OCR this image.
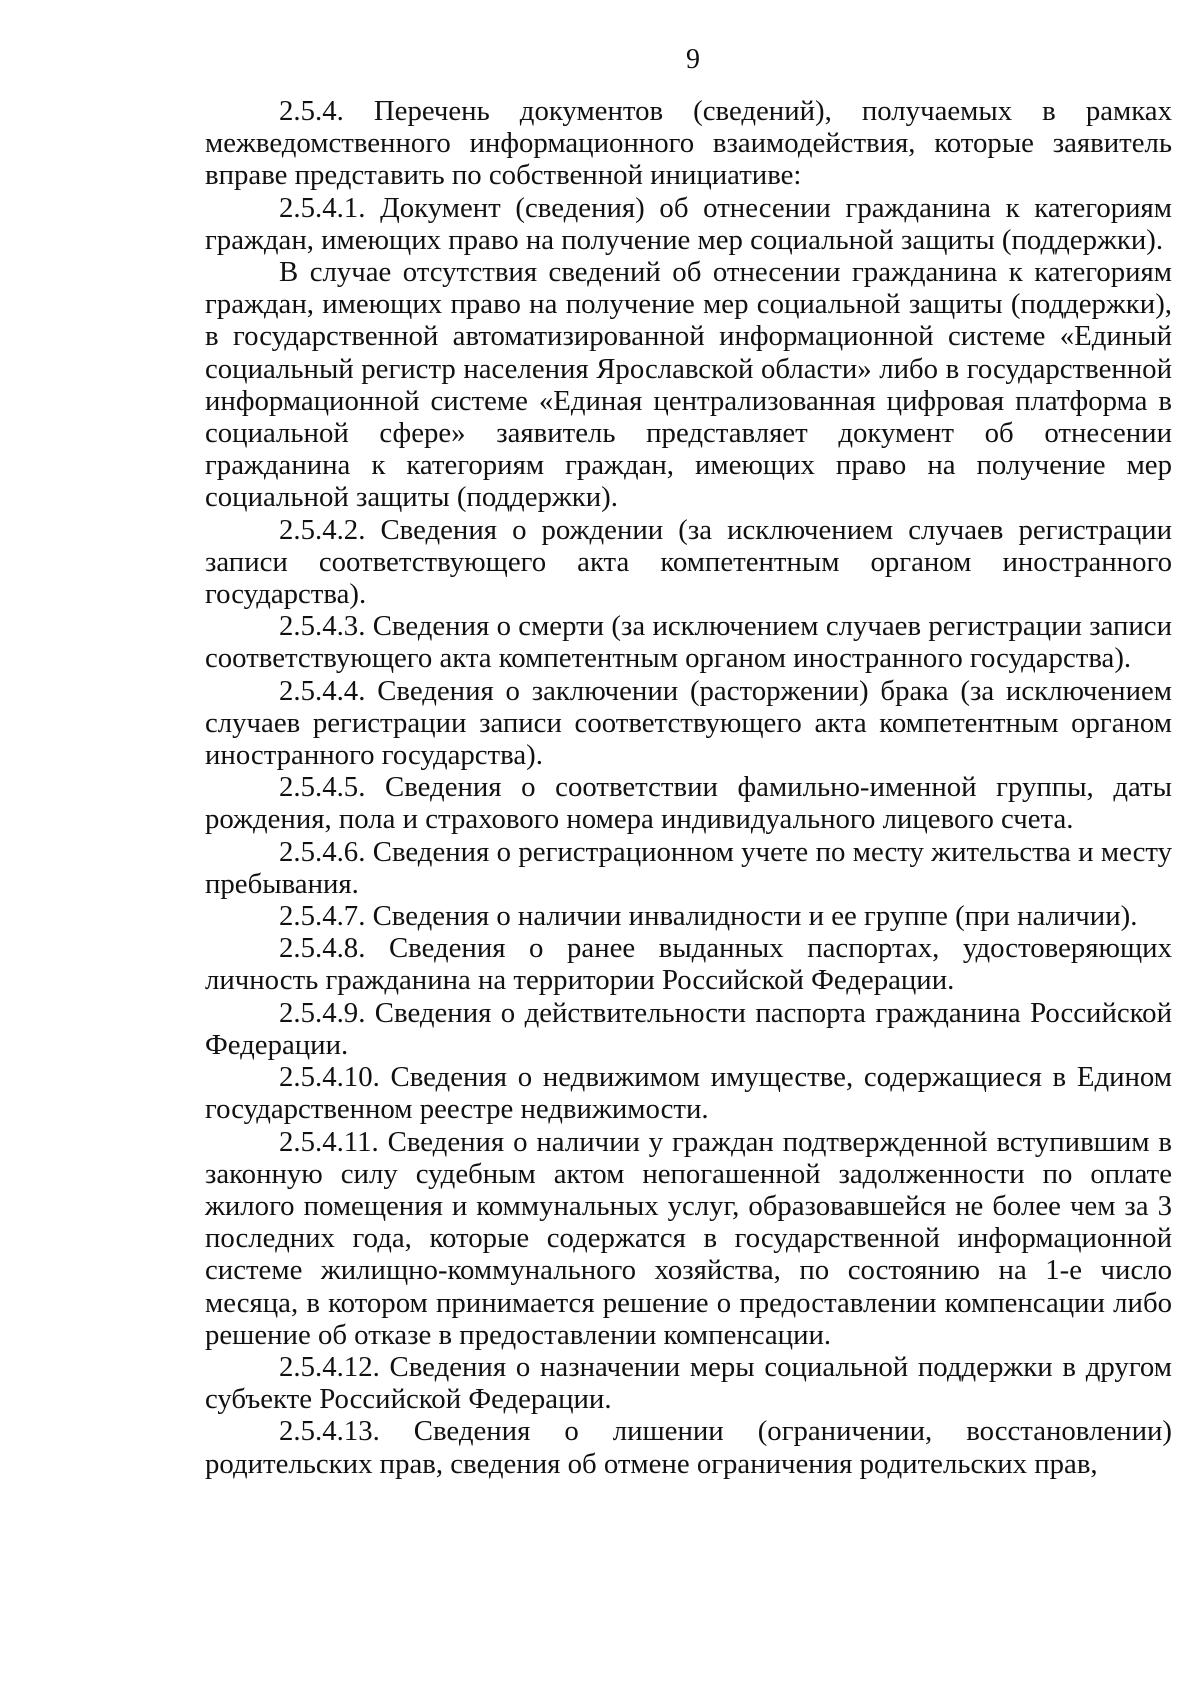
9

2.5.4. Перечень документов (сведений), получаемых в рамках межведомственного информационного взаимодействия, которые заявитель вправе представить по собственной инициативе:

2.5.4.1. Документ (сведения) об отнесении гражданина к категориям граждан, имеющих право на получение мер социальной защиты (поддержки).

В случае отсутствия сведений об отнесении гражданина к категориям граждан, имеющих право на получение мер социальной защиты (поддержки), в государственной автоматизированной информационной системе «Единый социальный регистр населения Ярославской области» либо в государственной информационной системе «Единая централизованная цифровая платформа в социальной сфере» заявитель представляет документ об отнесении гражданина к категориям граждан, имеющих право на получение мер социальной защиты (поддержки).

2.5.4.2. Сведения о рождении (за исключением случаев регистрации записи соответствующего акта компетентным органом иностранного государства).

2.5.4.3. Сведения о смерти (за исключением случаев регистрации записи соответствующего акта компетентным органом иностранного государства).

2.5.4.4. Сведения о заключении (расторжении) брака (за исключением случаев регистрации записи соответствующего акта компетентным органом иностранного государства).

2.5.4.5. Сведения о соответствии фамильно-именной группы, даты рождения, пола и страхового номера индивидуального лицевого счета.

2.5.4.6. Сведения о регистрационном учете по месту жительства и месту пребывания.

2.5.4.7. Сведения о наличии инвалидности и ее группе (при наличии).

2.5.4.8. Сведения о ранее выданных паспортах, удостоверяющих личность гражданина на территории Российской Федерации.

2.5.4.9. Сведения о действительности паспорта гражданина Российской Федерации.

2.5.4.10. Сведения о недвижимом имуществе, содержащиеся в Едином государственном реестре недвижимости.

2.5.4.11. Сведения о наличии у граждан подтвержденной вступившим в законную силу судебным актом непогашенной задолженности по оплате жилого помещения и коммунальных услуг, образовавшейся не более чем за 3 последних года, которые содержатся в государственной информационной системе жилищно-коммунального хозяйства, по состоянию на 1-е число месяца, в котором принимается решение о предоставлении компенсации либо решение об отказе в предоставлении компенсации.

2.5.4.12. Сведения о назначении меры социальной поддержки в другом субъекте Российской Федерации.

2.5.4.13. Сведения о лишении (ограничении, восстановлении) родительских прав, сведения об отмене ограничения родительских прав,
